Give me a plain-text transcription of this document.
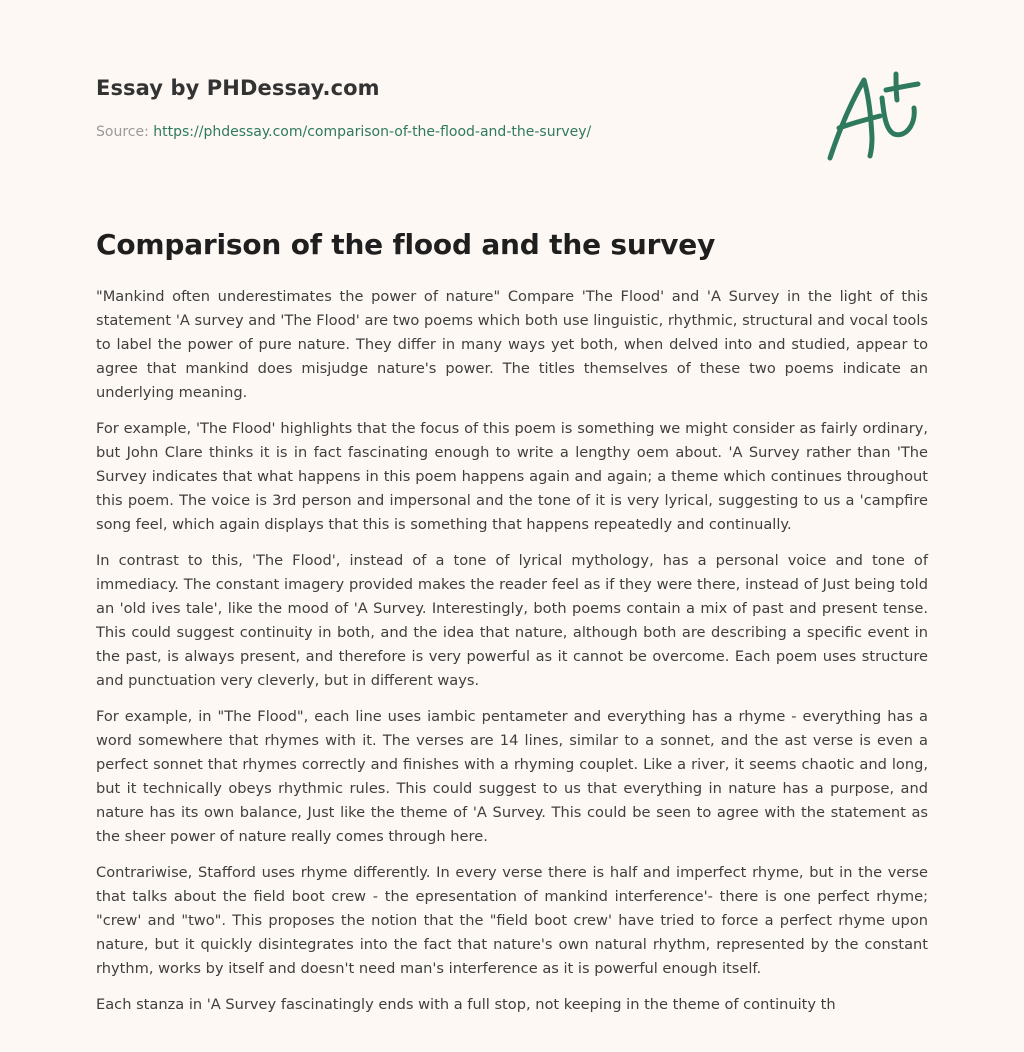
Essay by PHDessay.com
Source: https://phdessay.com/comparison-of-the-flood-and-the-survey/
Comparison of the flood and the survey

"Mankind often underestimates the power of nature" Compare 'The Flood' and 'A Survey in the light of this statement 'A survey and 'The Flood' are two poems which both use linguistic, rhythmic, structural and vocal tools to label the power of pure nature. They differ in many ways yet both, when delved into and studied, appear to agree that mankind does misjudge nature's power. The titles themselves of these two poems indicate an underlying meaning.

For example, 'The Flood' highlights that the focus of this poem is something we might consider as fairly ordinary, but John Clare thinks it is in fact fascinating enough to write a lengthy oem about. 'A Survey rather than 'The Survey indicates that what happens in this poem happens again and again; a theme which continues throughout this poem. The voice is 3rd person and impersonal and the tone of it is very lyrical, suggesting to us a 'campfire song feel, which again displays that this is something that happens repeatedly and continually.

In contrast to this, 'The Flood', instead of a tone of lyrical mythology, has a personal voice and tone of immediacy. The constant imagery provided makes the reader feel as if they were there, instead of Just being told an 'old ives tale', like the mood of 'A Survey. Interestingly, both poems contain a mix of past and present tense. This could suggest continuity in both, and the idea that nature, although both are describing a specific event in the past, is always present, and therefore is very powerful as it cannot be overcome. Each poem uses structure and punctuation very cleverly, but in different ways.

For example, in "The Flood", each line uses iambic pentameter and everything has a rhyme - everything has a word somewhere that rhymes with it. The verses are 14 lines, similar to a sonnet, and the ast verse is even a perfect sonnet that rhymes correctly and finishes with a rhyming couplet. Like a river, it seems chaotic and long, but it technically obeys rhythmic rules. This could suggest to us that everything in nature has a purpose, and nature has its own balance, Just like the theme of 'A Survey. This could be seen to agree with the statement as the sheer power of nature really comes through here.

Contrariwise, Stafford uses rhyme differently. In every verse there is half and imperfect rhyme, but in the verse that talks about the field boot crew - the epresentation of mankind interference'- there is one perfect rhyme; "crew' and "two". This proposes the notion that the "field boot crew' have tried to force a perfect rhyme upon nature, but it quickly disintegrates into the fact that nature's own natural rhythm, represented by the constant rhythm, works by itself and doesn't need man's interference as it is powerful enough itself.

Each stanza in 'A Survey fascinatingly ends with a full stop, not keeping in the theme of continuity th
